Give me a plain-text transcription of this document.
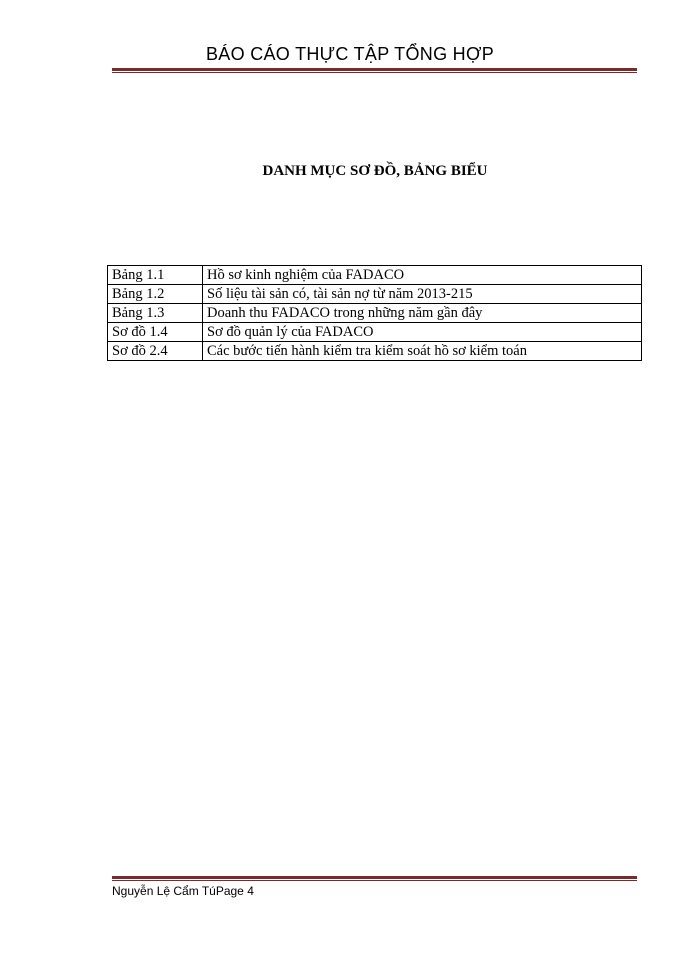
BÁO CÁO THỰC TẬP TỔNG HỢP
DANH MỤC SƠ ĐỒ, BẢNG BIỂU
Bảng 1.1	Hồ sơ kinh nghiệm của FADACO
Bảng 1.2	Số liệu tài sản có, tài sản nợ từ năm 2013-215
Bảng 1.3	Doanh thu FADACO trong những năm gần đây
Sơ đồ 1.4	Sơ đồ quản lý của FADACO
Sơ đồ 2.4	Các bước tiến hành kiểm tra kiểm soát hồ sơ kiểm toán
Nguyễn Lệ Cẩm TúPage 4
